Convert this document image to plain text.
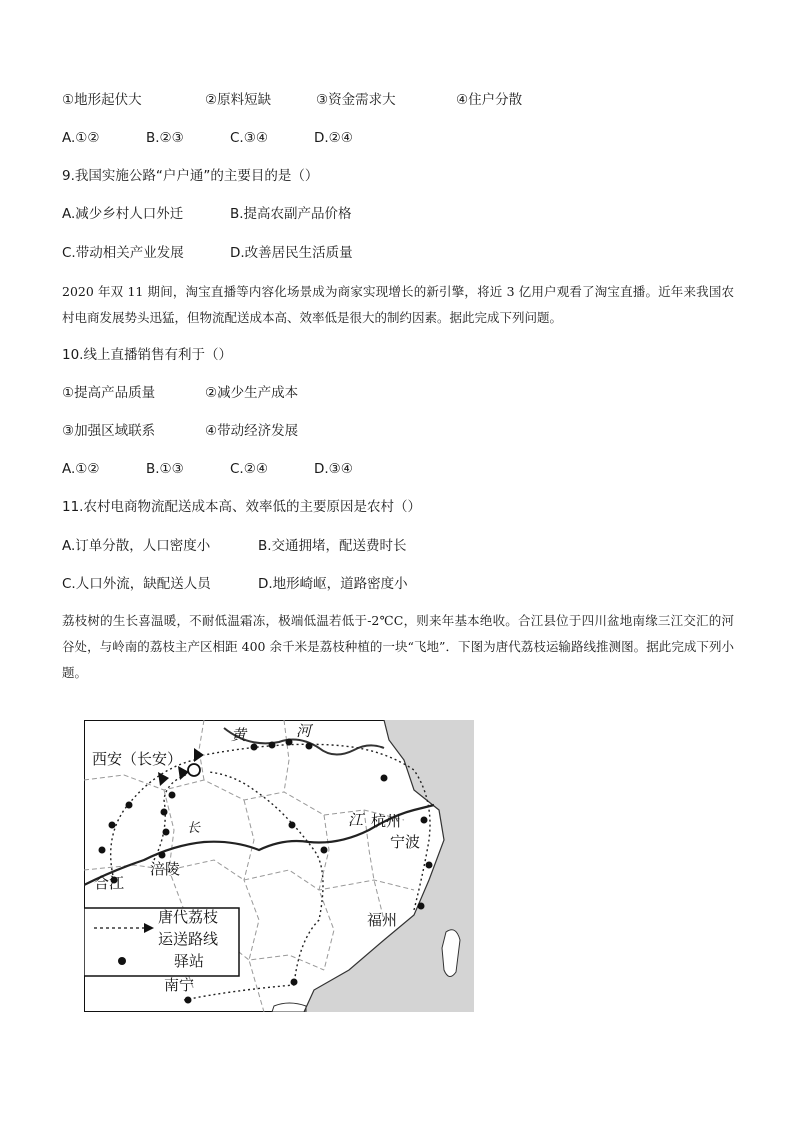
①地形起伏大	②原料短缺	③资金需求大	④住户分散
A.①②	B.②③	C.③④	D.②④
9.我国实施公路“户户通”的主要目的是（）
A.减少乡村人口外迁	B.提高农副产品价格
C.带动相关产业发展	D.改善居民生活质量
2020 年双 11 期间，淘宝直播等内容化场景成为商家实现增长的新引擎，将近 3 亿用户观看了淘宝直播。近年来我国农村电商发展势头迅猛，但物流配送成本高、效率低是很大的制约因素。据此完成下列问题。
10.线上直播销售有利于（）
①提高产品质量	②减少生产成本
③加强区域联系	④带动经济发展
A.①②	B.①③	C.②④	D.③④
11.农村电商物流配送成本高、效率低的主要原因是农村（）
A.订单分散，人口密度小	B.交通拥堵，配送费时长
C.人口外流，缺配送人员	D.地形崎岖，道路密度小
荔枝树的生长喜温暖，不耐低温霜冻，极端低温若低于-2℃C，则来年基本绝收。合江县位于四川盆地南缘三江交汇的河谷处，与岭南的荔枝主产区相距 400 余千米是荔枝种植的一块“飞地”．下图为唐代荔枝运输路线推测图。据此完成下列小题。
黄	河
长	江
西安（长安）
杭州
宁波
涪陵
合江
福州
南宁
唐代荔枝
运送路线
驿站
